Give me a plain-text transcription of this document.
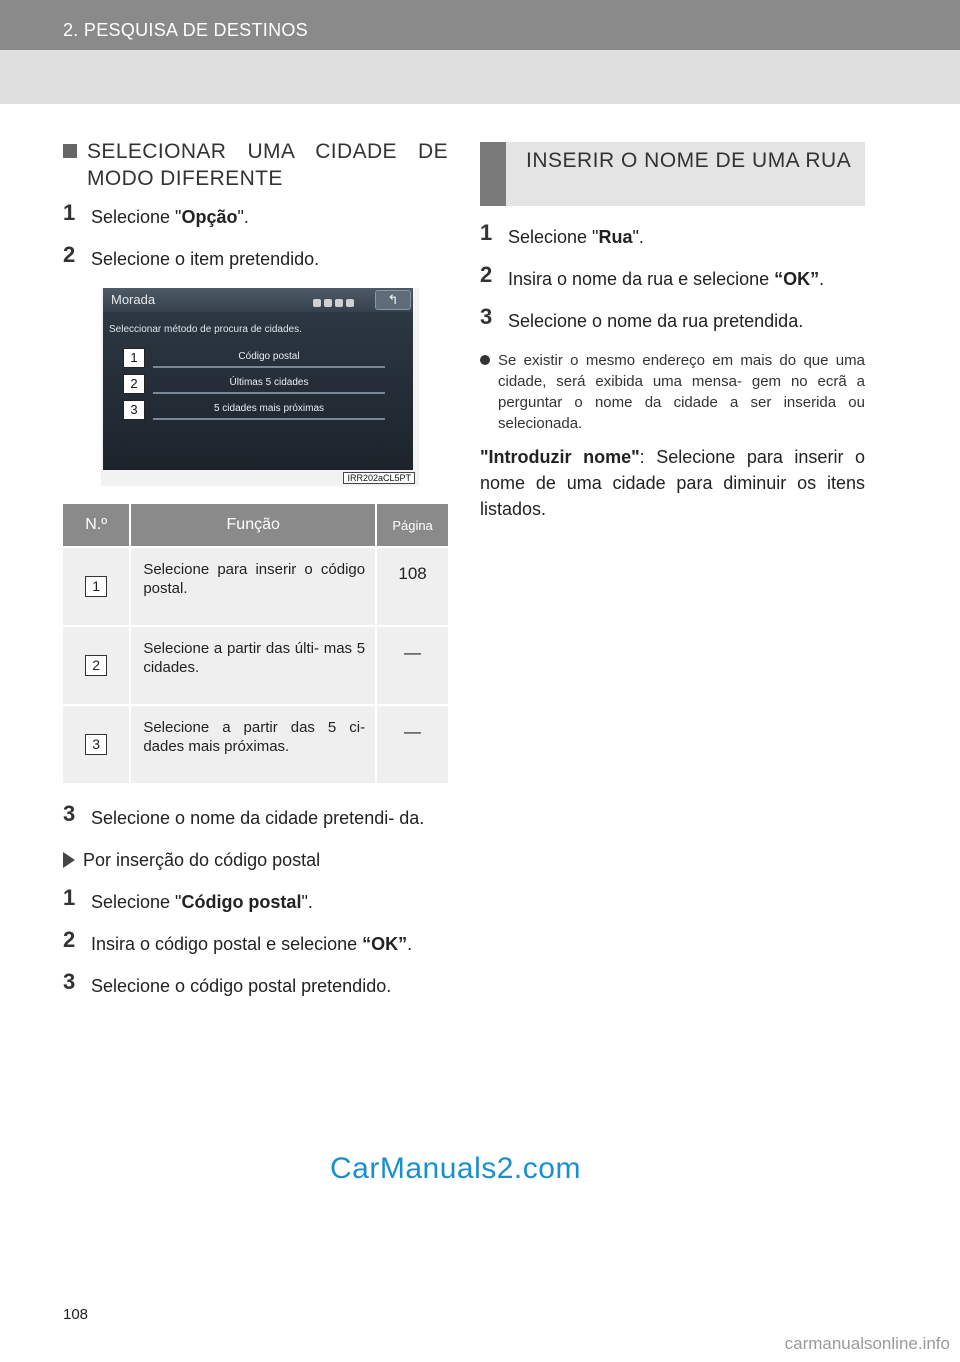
2. PESQUISA DE DESTINOS
SELECIONAR UMA CIDADE DE MODO DIFERENTE
1 Selecione "Opção".
2 Selecione o item pretendido.
Morada	↰
Seleccionar método de procura de cidades.
1	Código postal
2	Últimas 5 cidades
3	5 cidades mais próximas
IRR202aCL5PT
N.º	Função	Página
1	Selecione para inserir o código postal.	108
2	Selecione a partir das últi- mas 5 cidades.	—
3	Selecione a partir das 5 ci- dades mais próximas.	—
3 Selecione o nome da cidade pretendi- da.
Por inserção do código postal
1 Selecione "Código postal".
2 Insira o código postal e selecione “OK”.
3 Selecione o código postal pretendido.
INSERIR O NOME DE UMA RUA
1 Selecione "Rua".
2 Insira o nome da rua e selecione “OK”.
3 Selecione o nome da rua pretendida.
Se existir o mesmo endereço em mais do que uma cidade, será exibida uma mensa- gem no ecrã a perguntar o nome da cidade a ser inserida ou selecionada.
"Introduzir nome": Selecione para inserir o nome de uma cidade para diminuir os itens listados.
CarManuals2.com
108
carmanualsonline.info
